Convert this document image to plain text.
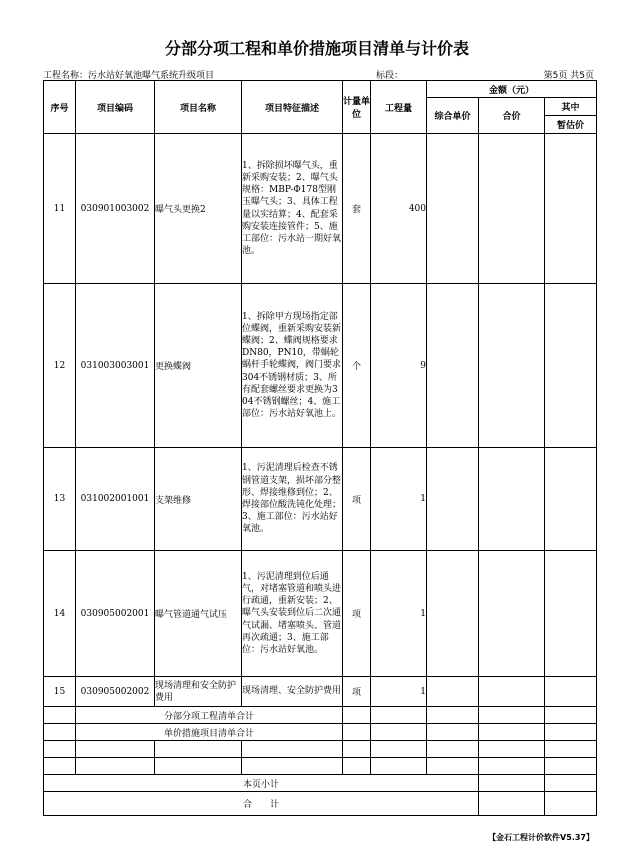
分部分项工程和单价措施项目清单与计价表
工程名称：污水站好氧池曝气系统升级项目	标段：	第5页 共5页
序号	项目编码	项目名称	项目特征描述	计量单位	工程量	金额（元）		
						综合单价	合价	其中
								暂估价
11	030901003002	曝气头更换2	1、拆除损坏曝气头，重新采购安装；2、曝气头规格：MBP-Φ178型刚玉曝气头；3、具体工程量以实结算；4、配套采购安装连接管件；5、施工部位：污水站一期好氧池。	套	400			
12	031003003001	更换蝶阀	1、拆除甲方现场指定部位蝶阀，重新采购安装新蝶阀；2、蝶阀规格要求DN80，PN10，带蜗轮蜗杆手轮蝶阀，阀门要求304不锈钢材质；3、所有配套螺丝要求更换为304不锈钢螺丝；4、施工部位：污水站好氧池上。	个	9			
13	031002001001	支架维修	1、污泥清理后检查不锈钢管道支架，损坏部分整形、焊接维修到位；2、焊接部位酸洗钝化处理；3、施工部位：污水站好氧池。	项	1			
14	030905002001	曝气管道通气试压	1、污泥清理到位后通气，对堵塞管道和喷头进行疏通，重新安装；2、曝气头安装到位后二次通气试漏、堵塞喷头、管道再次疏通；3、施工部位：污水站好氧池。	项	1			
15	030905002002	现场清理和安全防护费用	现场清理、安全防护费用	项	1			
	分部分项工程清单合计							
	单价措施项目清单合计							

本页小计								
合　　计								
【金石工程计价软件V5.37】
